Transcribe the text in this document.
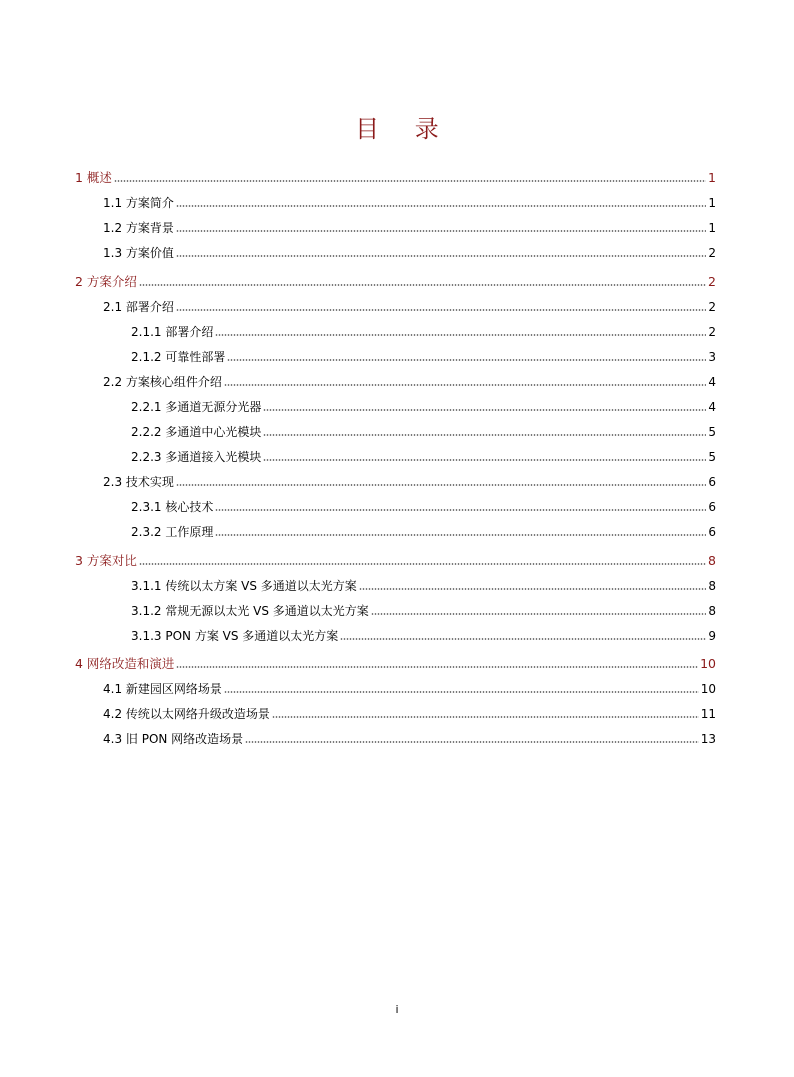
目 录
1 概述	1
1.1 方案简介	1
1.2 方案背景	1
1.3 方案价值	2
2 方案介绍	2
2.1 部署介绍	2
2.1.1 部署介绍	2
2.1.2 可靠性部署	3
2.2 方案核心组件介绍	4
2.2.1 多通道无源分光器	4
2.2.2 多通道中心光模块	5
2.2.3 多通道接入光模块	5
2.3 技术实现	6
2.3.1 核心技术	6
2.3.2 工作原理	6
3 方案对比	8
3.1.1 传统以太方案 VS 多通道以太光方案	8
3.1.2 常规无源以太光 VS 多通道以太光方案	8
3.1.3 PON 方案 VS 多通道以太光方案	9
4 网络改造和演进	10
4.1 新建园区网络场景	10
4.2 传统以太网络升级改造场景	11
4.3 旧 PON 网络改造场景	13
i
